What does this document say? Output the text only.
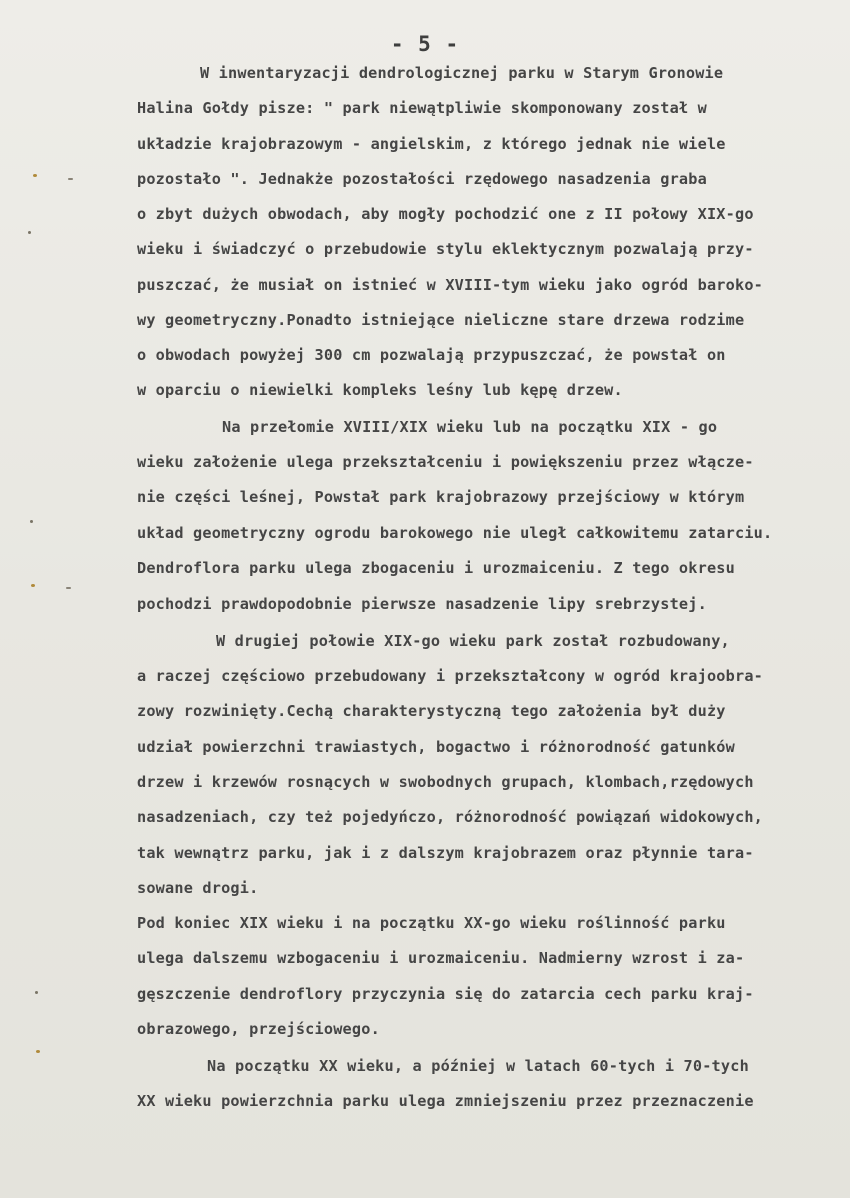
- 5 -
W inwentaryzacji dendrologicznej parku w Starym Gronowie
Halina Gołdy pisze: " park niewątpliwie skomponowany został w
układzie krajobrazowym - angielskim, z którego jednak nie wiele
pozostało ". Jednakże pozostałości rzędowego nasadzenia graba
o zbyt dużych obwodach, aby mogły pochodzić one z II połowy XIX-go
wieku i świadczyć o przebudowie stylu eklektycznym pozwalają przy-
puszczać, że musiał on istnieć w XVIII-tym wieku jako ogród baroko-
wy geometryczny.Ponadto istniejące nieliczne stare drzewa rodzime
o obwodach powyżej 300 cm pozwalają przypuszczać, że powstał on
w oparciu o niewielki kompleks leśny lub kępę drzew.
Na przełomie XVIII/XIX wieku lub na początku XIX - go
wieku założenie ulega przekształceniu i powiększeniu przez włącze-
nie części leśnej, Powstał park krajobrazowy przejściowy w którym
układ geometryczny ogrodu barokowego nie uległ całkowitemu zatarciu.
Dendroflora parku ulega zbogaceniu i urozmaiceniu. Z tego okresu
pochodzi prawdopodobnie pierwsze nasadzenie lipy srebrzystej.
W drugiej połowie XIX-go wieku park został rozbudowany,
a raczej częściowo przebudowany i przekształcony w ogród krajoobra-
zowy rozwinięty.Cechą charakterystyczną tego założenia był duży
udział powierzchni trawiastych, bogactwo i różnorodność gatunków
drzew i krzewów rosnących w swobodnych grupach, klombach,rzędowych
nasadzeniach, czy też pojedyńczo, różnorodność powiązań widokowych,
tak wewnątrz parku, jak i z dalszym krajobrazem oraz płynnie tara-
sowane drogi.
Pod koniec XIX wieku i na początku XX-go wieku roślinność parku
ulega dalszemu wzbogaceniu i urozmaiceniu. Nadmierny wzrost i za-
gęszczenie dendroflory przyczynia się do zatarcia cech parku kraj-
obrazowego, przejściowego.
Na początku XX wieku, a później w latach 60-tych i 70-tych
XX wieku powierzchnia parku ulega zmniejszeniu przez przeznaczenie
